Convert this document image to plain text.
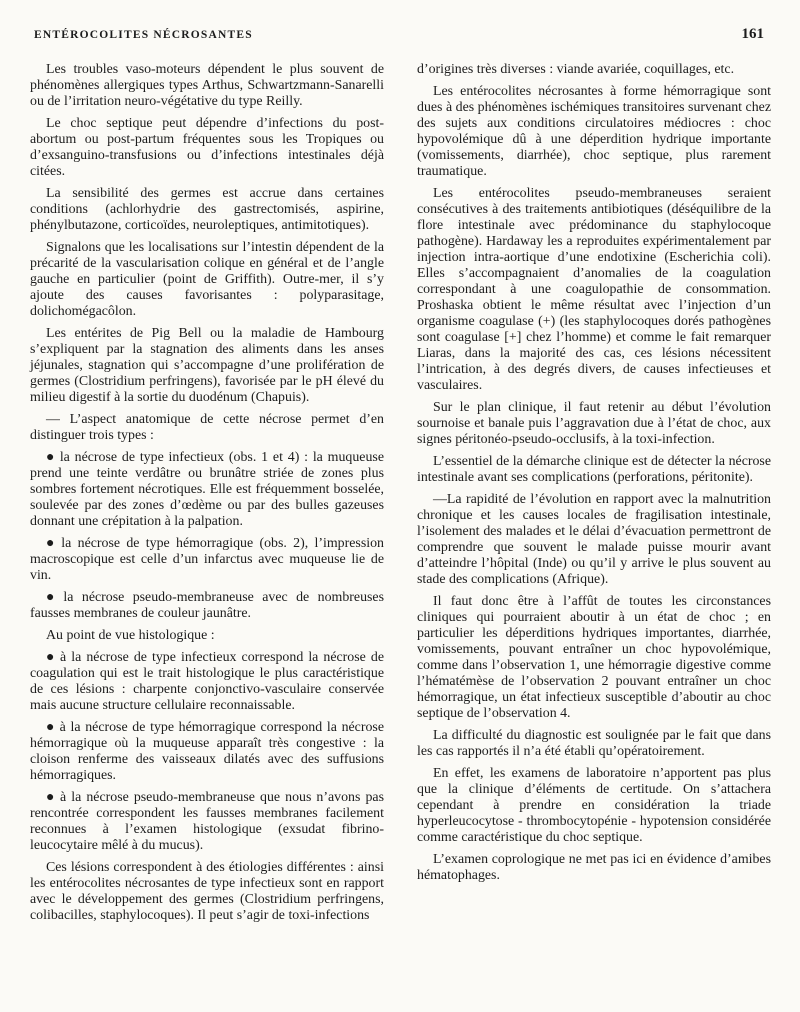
ENTÉROCOLITES NÉCROSANTES	161

Les troubles vaso-moteurs dépendent le plus souvent de phénomènes allergiques types Arthus, Schwartzmann-Sanarelli ou de l’irritation neuro-végétative du type Reilly.

Le choc septique peut dépendre d’infections du post-abortum ou post-partum fréquentes sous les Tropiques ou d’exsanguino-transfusions ou d’infections intestinales déjà citées.

La sensibilité des germes est accrue dans certaines conditions (achlorhydrie des gastrectomisés, aspirine, phénylbutazone, corticoïdes, neuroleptiques, antimitotiques).

Signalons que les localisations sur l’intestin dépendent de la précarité de la vascularisation colique en général et de l’angle gauche en particulier (point de Griffith). Outre-mer, il s’y ajoute des causes favorisantes : polyparasitage, dolichomégacôlon.

Les entérites de Pig Bell ou la maladie de Hambourg s’expliquent par la stagnation des aliments dans les anses jéjunales, stagnation qui s’accompagne d’une prolifération de germes (Clostridium perfringens), favorisée par le pH élevé du milieu digestif à la sortie du duodénum (Chapuis).

— L’aspect anatomique de cette nécrose permet d’en distinguer trois types :

● la nécrose de type infectieux (obs. 1 et 4) : la muqueuse prend une teinte verdâtre ou brunâtre striée de zones plus sombres fortement nécrotiques. Elle est fréquemment bosselée, soulevée par des zones d’œdème ou par des bulles gazeuses donnant une crépitation à la palpation.

● la nécrose de type hémorragique (obs. 2), l’impression macroscopique est celle d’un infarctus avec muqueuse lie de vin.

● la nécrose pseudo-membraneuse avec de nombreuses fausses membranes de couleur jaunâtre.

Au point de vue histologique :

● à la nécrose de type infectieux correspond la nécrose de coagulation qui est le trait histologique le plus caractéristique de ces lésions : charpente conjonctivo-vasculaire conservée mais aucune structure cellulaire reconnaissable.

● à la nécrose de type hémorragique correspond la nécrose hémorragique où la muqueuse apparaît très congestive : la cloison renferme des vaisseaux dilatés avec des suffusions hémorragiques.

● à la nécrose pseudo-membraneuse que nous n’avons pas rencontrée correspondent les fausses membranes facilement reconnues à l’examen histologique (exsudat fibrino-leucocytaire mêlé à du mucus).

Ces lésions correspondent à des étiologies différentes : ainsi les entérocolites nécrosantes de type infectieux sont en rapport avec le développement des germes (Clostridium perfringens, colibacilles, staphylocoques). Il peut s’agir de toxi-infections

d’origines très diverses : viande avariée, coquillages, etc.

Les entérocolites nécrosantes à forme hémorragique sont dues à des phénomènes ischémiques transitoires survenant chez des sujets aux conditions circulatoires médiocres : choc hypovolémique dû à une déperdition hydrique importante (vomissements, diarrhée), choc septique, plus rarement traumatique.

Les entérocolites pseudo-membraneuses seraient consécutives à des traitements antibiotiques (déséquilibre de la flore intestinale avec prédominance du staphylocoque pathogène). Hardaway les a reproduites expérimentalement par injection intra-aortique d’une endotixine (Escherichia coli). Elles s’accompagnaient d’anomalies de la coagulation correspondant à une coagulopathie de consommation. Proshaska obtient le même résultat avec l’injection d’un organisme coagulase (+) (les staphylocoques dorés pathogènes sont coagulase [+] chez l’homme) et comme le fait remarquer Liaras, dans la majorité des cas, ces lésions nécessitent l’intrication, à des degrés divers, de causes infectieuses et vasculaires.

Sur le plan clinique, il faut retenir au début l’évolution sournoise et banale puis l’aggravation due à l’état de choc, aux signes péritonéo-pseudo-occlusifs, à la toxi-infection.

L’essentiel de la démarche clinique est de détecter la nécrose intestinale avant ses complications (perforations, péritonite).

—La rapidité de l’évolution en rapport avec la malnutrition chronique et les causes locales de fragilisation intestinale, l’isolement des malades et le délai d’évacuation permettront de comprendre que souvent le malade puisse mourir avant d’atteindre l’hôpital (Inde) ou qu’il y arrive le plus souvent au stade des complications (Afrique).

Il faut donc être à l’affût de toutes les circonstances cliniques qui pourraient aboutir à un état de choc ; en particulier les déperditions hydriques importantes, diarrhée, vomissements, pouvant entraîner un choc hypovolémique, comme dans l’observation 1, une hémorragie digestive comme l’hématémèse de l’observation 2 pouvant entraîner un choc hémorragique, un état infectieux susceptible d’aboutir au choc septique de l’observation 4.

La difficulté du diagnostic est soulignée par le fait que dans les cas rapportés il n’a été établi qu’opératoirement.

En effet, les examens de laboratoire n’apportent pas plus que la clinique d’éléments de certitude. On s’attachera cependant à prendre en considération la triade hyperleucocytose - thrombocytopénie - hypotension considérée comme caractéristique du choc septique.

L’examen coprologique ne met pas ici en évidence d’amibes hématophages.
